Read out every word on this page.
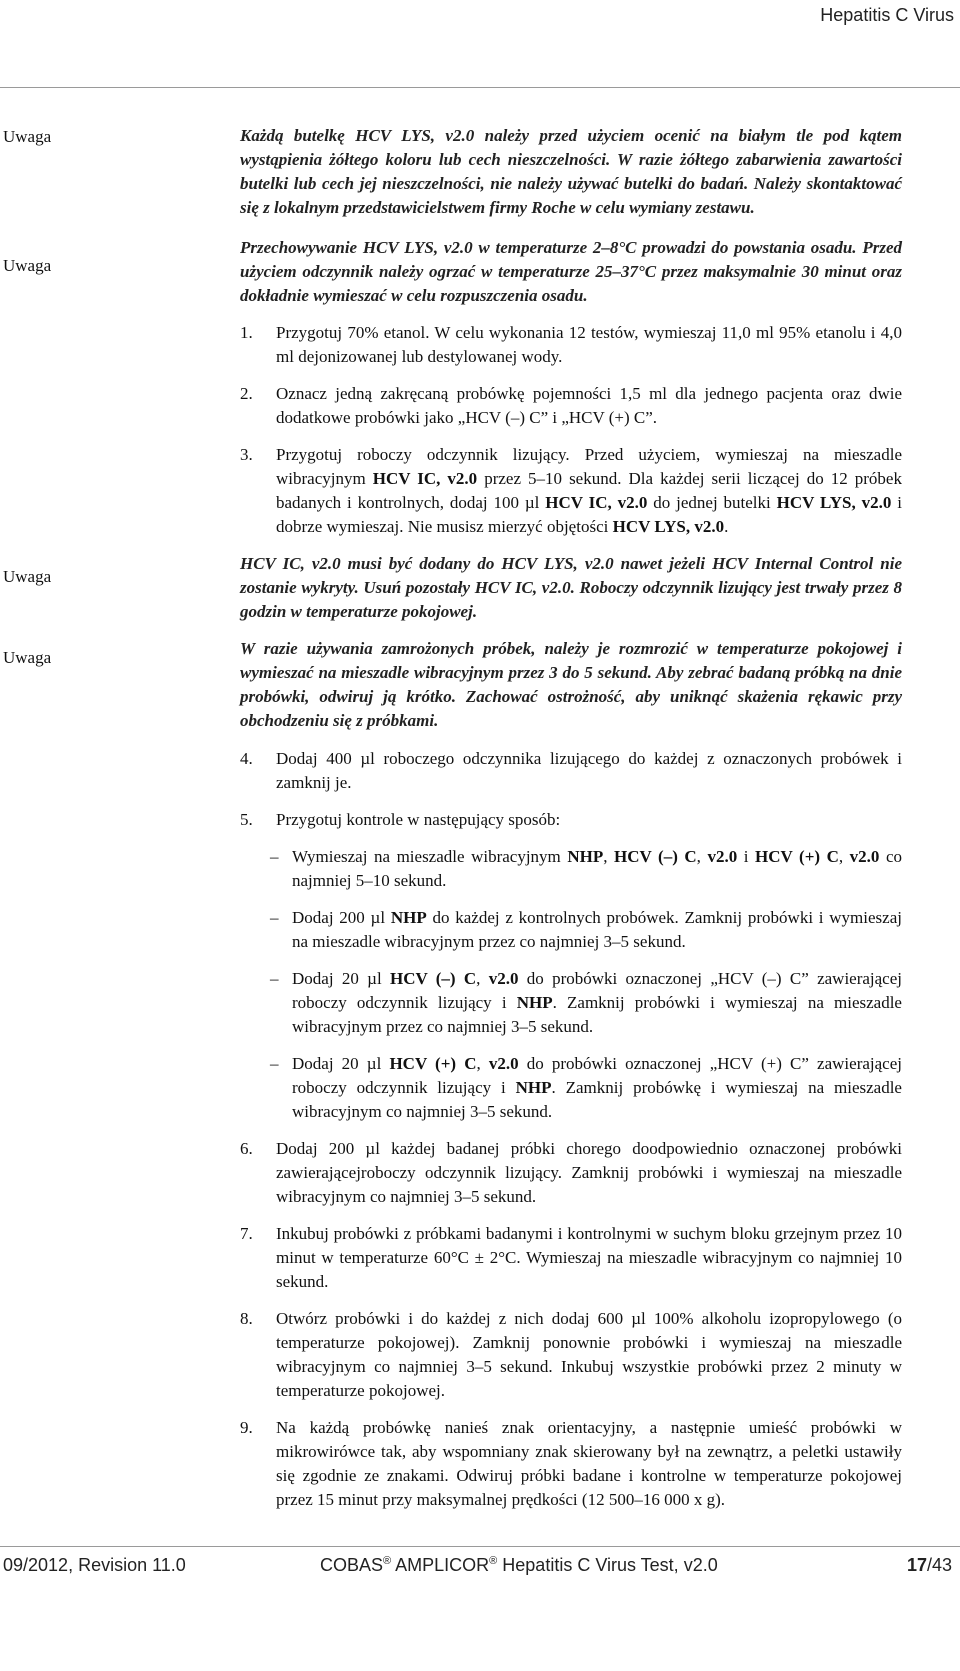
Hepatitis C Virus
Uwaga
Uwaga
Uwaga
Uwaga

Każdą butelkę HCV LYS, v2.0 należy przed użyciem ocenić na białym tle pod kątem wystąpienia żółtego koloru lub cech nieszczelności. W razie żółtego zabarwienia zawartości butelki lub cech jej nieszczelności, nie należy używać butelki do badań. Należy skontaktować się z lokalnym przedstawicielstwem firmy Roche w celu wymiany zestawu.

Przechowywanie HCV LYS, v2.0 w temperaturze 2–8°C prowadzi do powstania osadu. Przed użyciem odczynnik należy ogrzać w temperaturze 25–37°C przez maksymalnie 30 minut oraz dokładnie wymieszać w celu rozpuszczenia osadu.

1. Przygotuj 70% etanol. W celu wykonania 12 testów, wymieszaj 11,0 ml 95% etanolu i 4,0 ml dejonizowanej lub destylowanej wody.
2. Oznacz jedną zakręcaną probówkę pojemności 1,5 ml dla jednego pacjenta oraz dwie dodatkowe probówki jako „HCV (–) C” i „HCV (+) C”.
3. Przygotuj roboczy odczynnik lizujący. Przed użyciem, wymieszaj na mieszadle wibracyjnym HCV IC, v2.0 przez 5–10 sekund. Dla każdej serii liczącej do 12 próbek badanych i kontrolnych, dodaj 100 µl HCV IC, v2.0 do jednej butelki HCV LYS, v2.0 i dobrze wymieszaj. Nie musisz mierzyć objętości HCV LYS, v2.0.

HCV IC, v2.0 musi być dodany do HCV LYS, v2.0 nawet jeżeli HCV Internal Control nie zostanie wykryty. Usuń pozostały HCV IC, v2.0. Roboczy odczynnik lizujący jest trwały przez 8 godzin w temperaturze pokojowej.

W razie używania zamrożonych próbek, należy je rozmrozić w temperaturze pokojowej i wymieszać na mieszadle wibracyjnym przez 3 do 5 sekund. Aby zebrać badaną próbką na dnie probówki, odwiruj ją krótko. Zachować ostrożność, aby uniknąć skażenia rękawic przy obchodzeniu się z próbkami.

4. Dodaj 400 µl roboczego odczynnika lizującego do każdej z oznaczonych probówek i zamknij je.
5. Przygotuj kontrole w następujący sposób:
– Wymieszaj na mieszadle wibracyjnym NHP, HCV (–) C, v2.0 i HCV (+) C, v2.0 co najmniej 5–10 sekund.
– Dodaj 200 µl NHP do każdej z kontrolnych probówek. Zamknij probówki i wymieszaj na mieszadle wibracyjnym przez co najmniej 3–5 sekund.
– Dodaj 20 µl HCV (–) C, v2.0 do probówki oznaczonej „HCV (–) C” zawierającej roboczy odczynnik lizujący i NHP. Zamknij probówki i wymieszaj na mieszadle wibracyjnym przez co najmniej 3–5 sekund.
– Dodaj 20 µl HCV (+) C, v2.0 do probówki oznaczonej „HCV (+) C” zawierającej roboczy odczynnik lizujący i NHP. Zamknij probówkę i wymieszaj na mieszadle wibracyjnym co najmniej 3–5 sekund.
6. Dodaj 200 µl każdej badanej próbki chorego doodpowiednio oznaczonej probówki zawierającejroboczy odczynnik lizujący. Zamknij probówki i wymieszaj na mieszadle wibracyjnym co najmniej 3–5 sekund.
7. Inkubuj probówki z próbkami badanymi i kontrolnymi w suchym bloku grzejnym przez 10 minut w temperaturze 60°C ± 2°C. Wymieszaj na mieszadle wibracyjnym co najmniej 10 sekund.
8. Otwórz probówki i do każdej z nich dodaj 600 µl 100% alkoholu izopropylowego (o temperaturze pokojowej). Zamknij ponownie probówki i wymieszaj na mieszadle wibracyjnym co najmniej 3–5 sekund. Inkubuj wszystkie probówki przez 2 minuty w temperaturze pokojowej.
9. Na każdą probówkę nanieś znak orientacyjny, a następnie umieść probówki w mikrowirówce tak, aby wspomniany znak skierowany był na zewnątrz, a peletki ustawiły się zgodnie ze znakami. Odwiruj próbki badane i kontrolne w temperaturze pokojowej przez 15 minut przy maksymalnej prędkości (12 500–16 000 x g).
09/2012, Revision 11.0	COBAS® AMPLICOR® Hepatitis C Virus Test, v2.0	17/43
